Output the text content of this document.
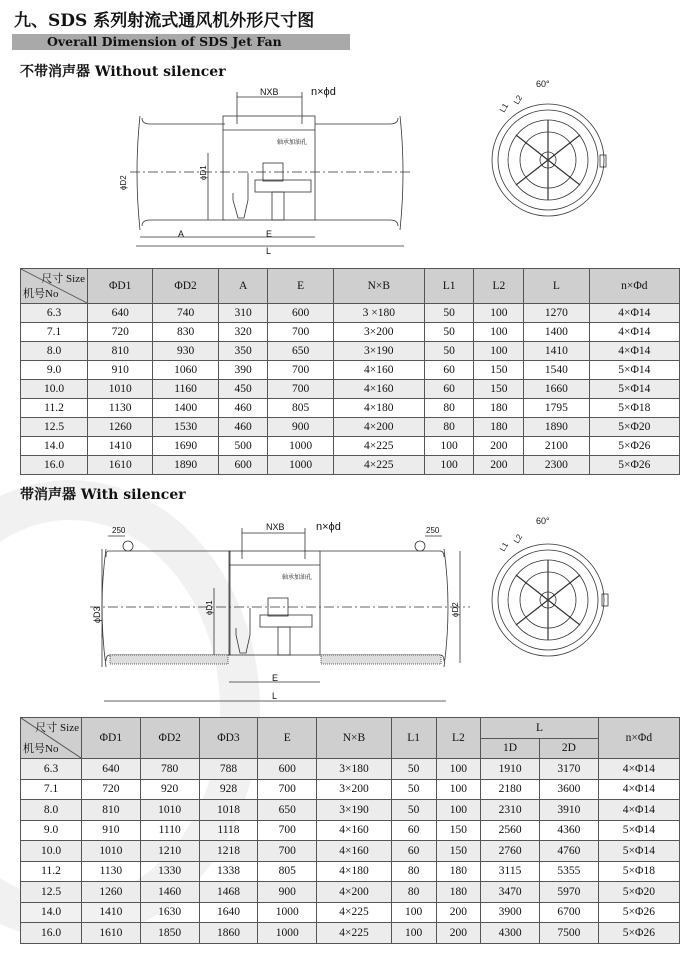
九、SDS 系列射流式通风机外形尺寸图
Overall Dimension of SDS Jet Fan
不带消声器 Without silencer
NXB	n×ϕd
轴承加油孔
ϕD1
A	E
L
ϕD2
60°
L1
L2
尺寸 Size
机号No	ΦD1	ΦD2	A	E	N×B	L1	L2	L	n×Φd
6.3	640	740	310	600	3 ×180	50	100	1270	4×Φ14
7.1	720	830	320	700	3×200	50	100	1400	4×Φ14
8.0	810	930	350	650	3×190	50	100	1410	4×Φ14
9.0	910	1060	390	700	4×160	60	150	1540	5×Φ14
10.0	1010	1160	450	700	4×160	60	150	1660	5×Φ14
11.2	1130	1400	460	805	4×180	80	180	1795	5×Φ18
12.5	1260	1530	460	900	4×200	80	180	1890	5×Φ20
14.0	1410	1690	500	1000	4×225	100	200	2100	5×Φ26
16.0	1610	1890	600	1000	4×225	100	200	2300	5×Φ26
带消声器 With silencer
250	250
NXB	n×ϕd
轴承加油孔
ϕD1
ϕD3	ϕD2
E
L
60°
L1
L2
尺寸 Size
机号No	ΦD1	ΦD2	ΦD3	E	N×B	L1	L2	L		n×Φd
								1D	2D	
6.3	640	780	788	600	3×180	50	100	1910	3170	4×Φ14
7.1	720	920	928	700	3×200	50	100	2180	3600	4×Φ14
8.0	810	1010	1018	650	3×190	50	100	2310	3910	4×Φ14
9.0	910	1110	1118	700	4×160	60	150	2560	4360	5×Φ14
10.0	1010	1210	1218	700	4×160	60	150	2760	4760	5×Φ14
11.2	1130	1330	1338	805	4×180	80	180	3115	5355	5×Φ18
12.5	1260	1460	1468	900	4×200	80	180	3470	5970	5×Φ20
14.0	1410	1630	1640	1000	4×225	100	200	3900	6700	5×Φ26
16.0	1610	1850	1860	1000	4×225	100	200	4300	7500	5×Φ26
